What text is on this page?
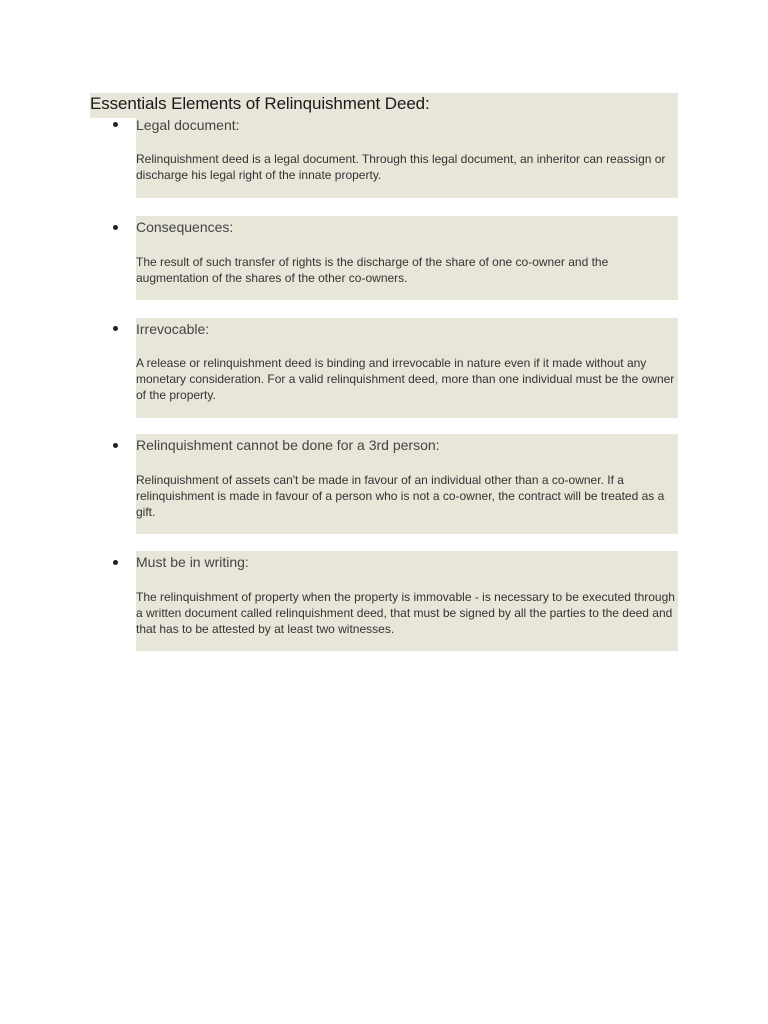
Essentials Elements of Relinquishment Deed:
Legal document:

Relinquishment deed is a legal document. Through this legal document, an inheritor can reassign or discharge his legal right of the innate property.

Consequences:

The result of such transfer of rights is the discharge of the share of one co-owner and the augmentation of the shares of the other co-owners.

Irrevocable:

A release or relinquishment deed is binding and irrevocable in nature even if it made without any monetary consideration. For a valid relinquishment deed, more than one individual must be the owner of the property.

Relinquishment cannot be done for a 3rd person:

Relinquishment of assets can't be made in favour of an individual other than a co-owner. If a relinquishment is made in favour of a person who is not a co-owner, the contract will be treated as a gift.

Must be in writing:

The relinquishment of property when the property is immovable - is necessary to be executed through a written document called relinquishment deed, that must be signed by all the parties to the deed and that has to be attested by at least two witnesses.
